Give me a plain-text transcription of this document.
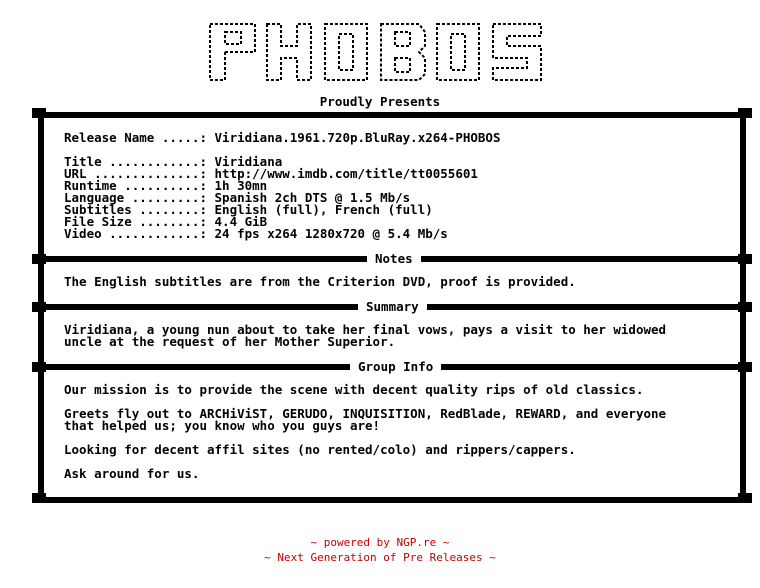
Proudly Presents
Release Name .....: Viridiana.1961.720p.BluRay.x264-PHOBOS
Title ............: Viridiana
URL ..............: http://www.imdb.com/title/tt0055601
Runtime ..........: 1h 30mn
Language .........: Spanish 2ch DTS @ 1.5 Mb/s
Subtitles ........: English (full), French (full)
File Size ........: 4.4 GiB
Video ............: 24 fps x264 1280x720 @ 5.4 Mb/s
Notes
The English subtitles are from the Criterion DVD, proof is provided.
Summary
Viridiana, a young nun about to take her final vows, pays a visit to her widowed
uncle at the request of her Mother Superior.
Group Info
Our mission is to provide the scene with decent quality rips of old classics.
Greets fly out to ARCHiViST, GERUDO, INQUISITION, RedBlade, REWARD, and everyone
that helped us; you know who you guys are!
Looking for decent affil sites (no rented/colo) and rippers/cappers.
Ask around for us.
~ powered by NGP.re ~
~ Next Generation of Pre Releases ~
